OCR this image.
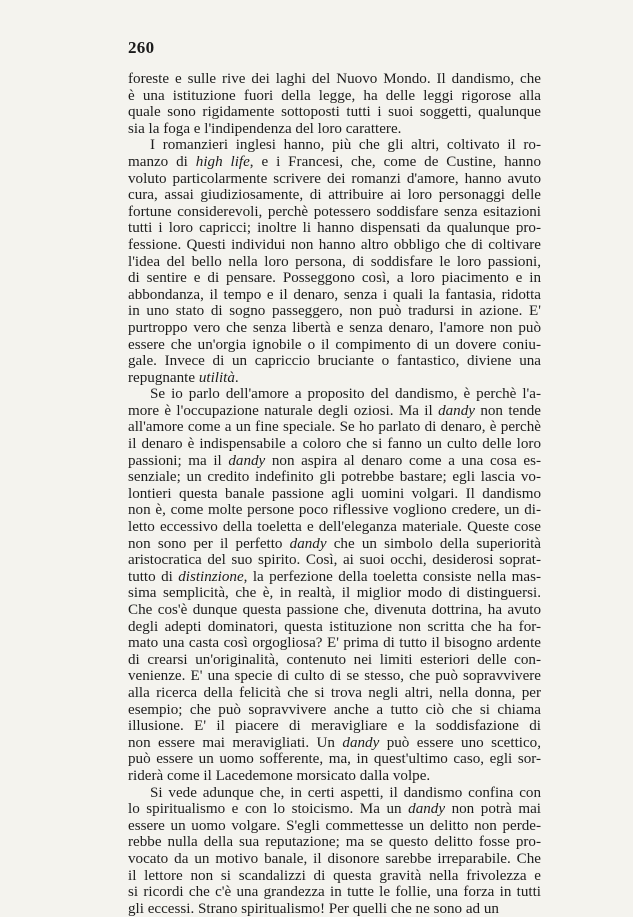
260
foreste e sulle rive dei laghi del Nuovo Mondo. Il dandismo, che
è una istituzione fuori della legge, ha delle leggi rigorose alla
quale sono rigidamente sottoposti tutti i suoi soggetti, qualunque
sia la foga e l'indipendenza del loro carattere.
I romanzieri inglesi hanno, più che gli altri, coltivato il ro-
manzo di high life, e i Francesi, che, come de Custine, hanno
voluto particolarmente scrivere dei romanzi d'amore, hanno avuto
cura, assai giudiziosamente, di attribuire ai loro personaggi delle
fortune considerevoli, perchè potessero soddisfare senza esitazioni
tutti i loro capricci; inoltre li hanno dispensati da qualunque pro-
fessione. Questi individui non hanno altro obbligo che di coltivare
l'idea del bello nella loro persona, di soddisfare le loro passioni,
di sentire e di pensare. Posseggono così, a loro piacimento e in
abbondanza, il tempo e il denaro, senza i quali la fantasia, ridotta
in uno stato di sogno passeggero, non può tradursi in azione. E'
purtroppo vero che senza libertà e senza denaro, l'amore non può
essere che un'orgia ignobile o il compimento di un dovere coniu-
gale. Invece di un capriccio bruciante o fantastico, diviene una
repugnante utilità.
Se io parlo dell'amore a proposito del dandismo, è perchè l'a-
more è l'occupazione naturale degli oziosi. Ma il dandy non tende
all'amore come a un fine speciale. Se ho parlato di denaro, è perchè
il denaro è indispensabile a coloro che si fanno un culto delle loro
passioni; ma il dandy non aspira al denaro come a una cosa es-
senziale; un credito indefinito gli potrebbe bastare; egli lascia vo-
lontieri questa banale passione agli uomini volgari. Il dandismo
non è, come molte persone poco riflessive vogliono credere, un di-
letto eccessivo della toeletta e dell'eleganza materiale. Queste cose
non sono per il perfetto dandy che un simbolo della superiorità
aristocratica del suo spirito. Così, ai suoi occhi, desiderosi soprat-
tutto di distinzione, la perfezione della toeletta consiste nella mas-
sima semplicità, che è, in realtà, il miglior modo di distinguersi.
Che cos'è dunque questa passione che, divenuta dottrina, ha avuto
degli adepti dominatori, questa istituzione non scritta che ha for-
mato una casta così orgogliosa? E' prima di tutto il bisogno ardente
di crearsi un'originalità, contenuto nei limiti esteriori delle con-
venienze. E' una specie di culto di se stesso, che può sopravvivere
alla ricerca della felicità che si trova negli altri, nella donna, per
esempio; che può sopravvivere anche a tutto ciò che si chiama
illusione. E' il piacere di meravigliare e la soddisfazione di
non essere mai meravigliati. Un dandy può essere uno scettico,
può essere un uomo sofferente, ma, in quest'ultimo caso, egli sor-
riderà come il Lacedemone morsicato dalla volpe.
Si vede adunque che, in certi aspetti, il dandismo confina con
lo spiritualismo e con lo stoicismo. Ma un dandy non potrà mai
essere un uomo volgare. S'egli commettesse un delitto non perde-
rebbe nulla della sua reputazione; ma se questo delitto fosse pro-
vocato da un motivo banale, il disonore sarebbe irreparabile. Che
il lettore non si scandalizzi di questa gravità nella frivolezza e
si ricordi che c'è una grandezza in tutte le follie, una forza in tutti
gli eccessi. Strano spiritualismo! Per quelli che ne sono ad un
